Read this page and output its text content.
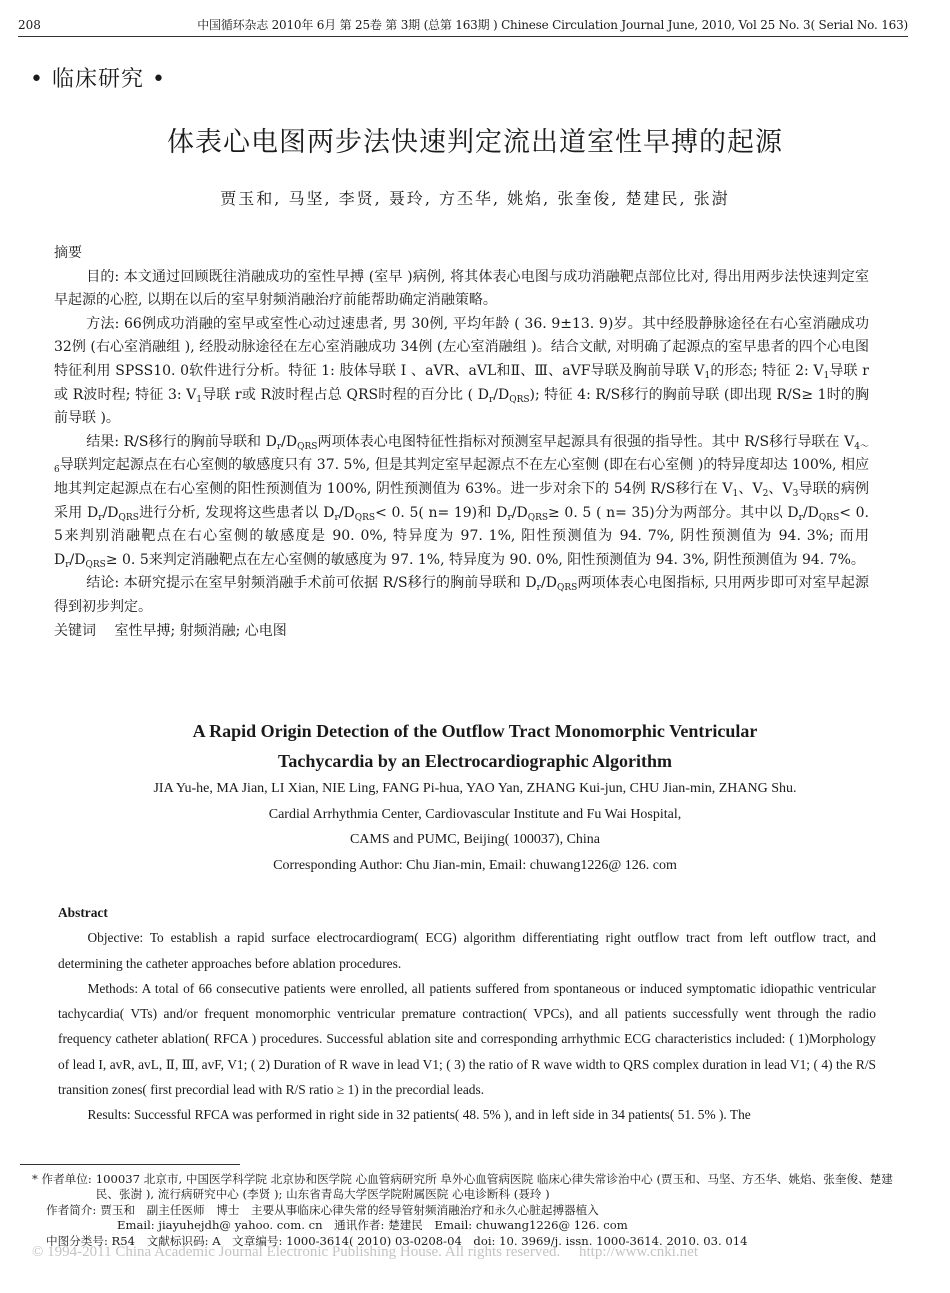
208	中国循环杂志 2010年 6月 第 25卷 第 3期 (总第 163期 ) Chinese Circulation Journal June, 2010, Vol 25 No. 3( Serial No. 163)
• 临床研究 •
体表心电图两步法快速判定流出道室性早搏的起源
贾玉和, 马坚, 李贤, 聂玲, 方丕华, 姚焰, 张奎俊, 楚建民, 张澍

摘要

目的: 本文通过回顾既往消融成功的室性早搏 (室早 )病例, 将其体表心电图与成功消融靶点部位比对, 得出用两步法快速判定室早起源的心腔, 以期在以后的室早射频消融治疗前能帮助确定消融策略。

方法: 66例成功消融的室早或室性心动过速患者, 男 30例, 平均年龄 ( 36. 9±13. 9)岁。其中经股静脉途径在右心室消融成功 32例 (右心室消融组 ), 经股动脉途径在左心室消融成功 34例 (左心室消融组 )。结合文献, 对明确了起源点的室早患者的四个心电图特征利用 SPSS10. 0软件进行分析。特征 1: 肢体导联 Ⅰ 、aVR、aVL和Ⅱ、Ⅲ、aVF导联及胸前导联 $V_1$的形态; 特征 2: $V_1$导联 r或 R波时程; 特征 3: $V_1$导联 r或 R波时程占总 QRS时程的百分比 ( $D_r/D_{QRS}$); 特征 4: R/S移行的胸前导联 (即出现 R/S≥ 1时的胸前导联 )。

结果: R/S移行的胸前导联和 $D_r/D_{QRS}$两项体表心电图特征性指标对预测室早起源具有很强的指导性。其中 R/S移行导联在 $V_{4\sim 6}$导联判定起源点在右心室侧的敏感度只有 37. 5%, 但是其判定室早起源点不在左心室侧 (即在右心室侧 )的特异度却达 100%, 相应地其判定起源点在右心室侧的阳性预测值为 100%, 阴性预测值为 63%。进一步对余下的 54例 R/S移行在 $V_1$、$V_2$、$V_3$导联的病例采用 $D_r/D_{QRS}$进行分析, 发现将这些患者以 $D_r/D_{QRS}< 0$. 5( n= 19)和 $D_r/D_{QRS}\ge 0$. 5 ( n= 35)分为两部分。其中以 $D_r/D_{QRS}< 0$. 5来判别消融靶点在右心室侧的敏感度是 90. 0%, 特异度为 97. 1%, 阳性预测值为 94. 7%, 阴性预测值为 94. 3%; 而用 $D_r/D_{QRS}\ge 0$. 5来判定消融靶点在左心室侧的敏感度为 97. 1%, 特异度为 90. 0%, 阳性预测值为 94. 3%, 阴性预测值为 94. 7%。

结论: 本研究提示在室早射频消融手术前可依据 R/S移行的胸前导联和 $D_r/D_{QRS}$两项体表心电图指标, 只用两步即可对室早起源得到初步判定。

关键词　 室性早搏; 射频消融; 心电图

A Rapid Origin Detection of the Outflow Tract Monomorphic Ventricular
Tachycardia by an Electrocardiographic Algorithm

JIA Yu-he, MA Jian, LI Xian, NIE Ling, FANG Pi-hua, YAO Yan, ZHANG Kui-jun, CHU Jian-min, ZHANG Shu.

Cardial Arrhythmia Center, Cardiovascular Institute and Fu Wai Hospital,

CAMS and PUMC, Beijing( 100037), China

Corresponding Author: Chu Jian-min, Email: chuwang1226@ 126. com

Abstract

Objective: To establish a rapid surface electrocardiogram( ECG) algorithm differentiating right outflow tract from left outflow tract, and determining the catheter approaches before ablation procedures.

Methods: A total of 66 consecutive patients were enrolled, all patients suffered from spontaneous or induced symptomatic idiopathic ventricular tachycardia( VTs) and/or frequent monomorphic ventricular premature contraction( VPCs), and all patients successfully went through the radio frequency catheter ablation( RFCA ) procedures. Successful ablation site and corresponding arrhythmic ECG characteristics included: ( 1)Morphology of lead I, avR, avL, Ⅱ, Ⅲ, avF, V1; ( 2) Duration of R wave in lead V1; ( 3) the ratio of R wave width to QRS complex duration in lead V1; ( 4) the R/S transition zones( first precordial lead with R/S ratio ≥ 1) in the precordial leads.

Results: Successful RFCA was performed in right side in 32 patients( 48. 5% ), and in left side in 34 patients( 51. 5% ). The

* 作者单位: 100037 北京市, 中国医学科学院 北京协和医学院 心血管病研究所 阜外心血管病医院 临床心律失常诊治中心 (贾玉和、马坚、方丕华、姚焰、张奎俊、楚建民、张澍 ), 流行病研究中心 (李贤 ); 山东省青岛大学医学院附属医院 心电诊断科 (聂玲 )
作者简介: 贾玉和　副主任医师　博士　主要从事临床心律失常的经导管射频消融治疗和永久心脏起搏器植入

Email: jiayuhejdh@ yahoo. com. cn　通讯作者: 楚建民　Email: chuwang1226@ 126. com

中图分类号: R54　文献标识码: A　文章编号: 1000-3614( 2010) 03-0208-04　doi: 10. 3969/j. issn. 1000-3614. 2010. 03. 014

© 1994-2011 China Academic Journal Electronic Publishing House. All rights reserved.　 http://www.cnki.net
